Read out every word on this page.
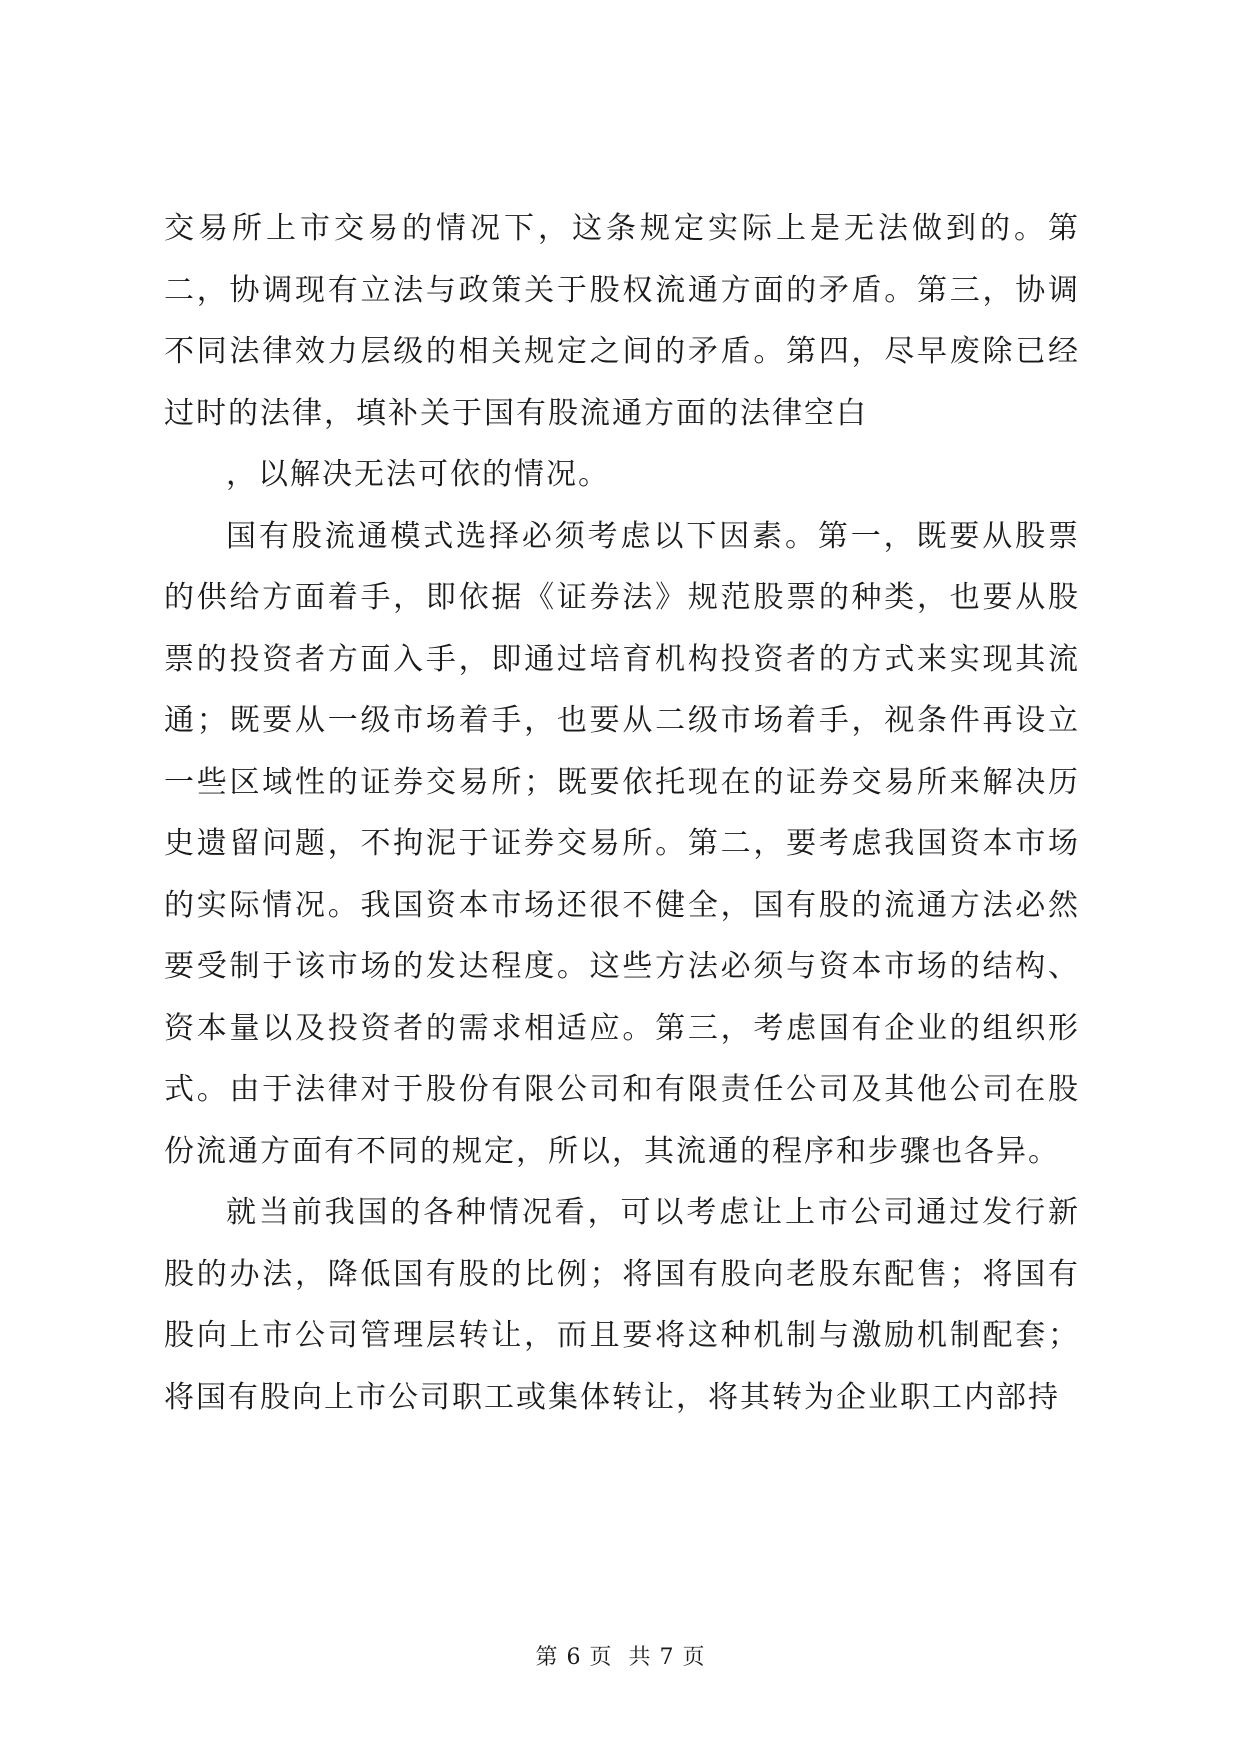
交易所上市交易的情况下，这条规定实际上是无法做到的。第二，协调现有立法与政策关于股权流通方面的矛盾。第三，协调不同法律效力层级的相关规定之间的矛盾。第四，尽早废除已经过时的法律，填补关于国有股流通方面的法律空白

，以解决无法可依的情况。

国有股流通模式选择必须考虑以下因素。第一，既要从股票的供给方面着手，即依据《证券法》规范股票的种类，也要从股票的投资者方面入手，即通过培育机构投资者的方式来实现其流通；既要从一级市场着手，也要从二级市场着手，视条件再设立一些区域性的证券交易所；既要依托现在的证券交易所来解决历史遗留问题，不拘泥于证券交易所。第二，要考虑我国资本市场的实际情况。我国资本市场还很不健全，国有股的流通方法必然要受制于该市场的发达程度。这些方法必须与资本市场的结构、资本量以及投资者的需求相适应。第三，考虑国有企业的组织形式。由于法律对于股份有限公司和有限责任公司及其他公司在股份流通方面有不同的规定，所以，其流通的程序和步骤也各异。

就当前我国的各种情况看，可以考虑让上市公司通过发行新股的办法，降低国有股的比例；将国有股向老股东配售；将国有股向上市公司管理层转让，而且要将这种机制与激励机制配套；将国有股向上市公司职工或集体转让，将其转为企业职工内部持

第 6 页 共 7 页
